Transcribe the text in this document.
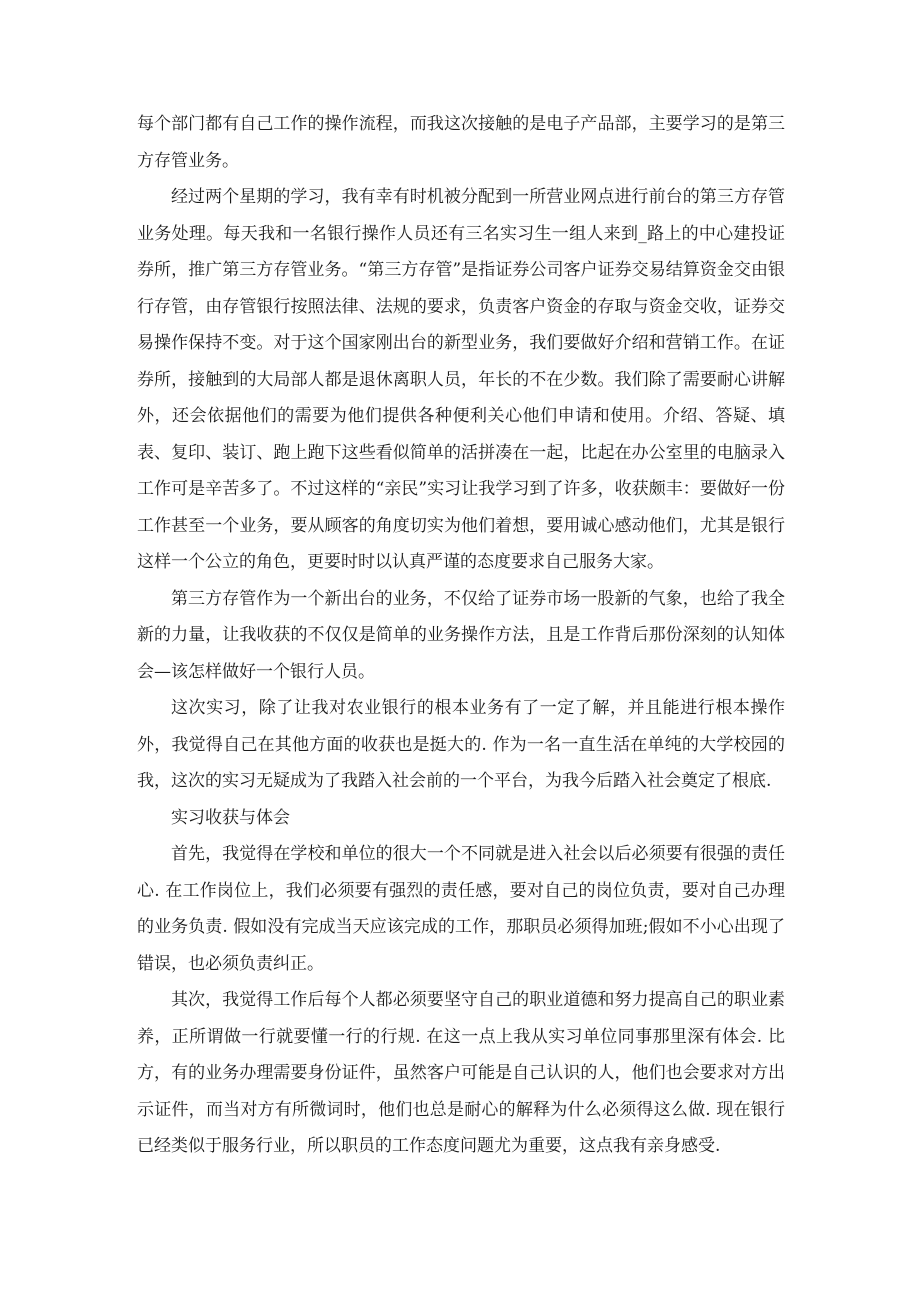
每个部门都有自己工作的操作流程，而我这次接触的是电子产品部，主要学习的是第三方存管业务。

经过两个星期的学习，我有幸有时机被分配到一所营业网点进行前台的第三方存管业务处理。每天我和一名银行操作人员还有三名实习生一组人来到_路上的中心建投证券所，推广第三方存管业务。“第三方存管”是指证券公司客户证券交易结算资金交由银行存管，由存管银行按照法律、法规的要求，负责客户资金的存取与资金交收，证券交易操作保持不变。对于这个国家刚出台的新型业务，我们要做好介绍和营销工作。在证券所，接触到的大局部人都是退休离职人员，年长的不在少数。我们除了需要耐心讲解外，还会依据他们的需要为他们提供各种便利关心他们申请和使用。介绍、答疑、填表、复印、装订、跑上跑下这些看似简单的活拼凑在一起，比起在办公室里的电脑录入工作可是辛苦多了。不过这样的“亲民”实习让我学习到了许多，收获颇丰：要做好一份工作甚至一个业务，要从顾客的角度切实为他们着想，要用诚心感动他们，尤其是银行这样一个公立的角色，更要时时以认真严谨的态度要求自己服务大家。

第三方存管作为一个新出台的业务，不仅给了证券市场一股新的气象，也给了我全新的力量，让我收获的不仅仅是简单的业务操作方法，且是工作背后那份深刻的认知体会—该怎样做好一个银行人员。

这次实习，除了让我对农业银行的根本业务有了一定了解，并且能进行根本操作外，我觉得自己在其他方面的收获也是挺大的. 作为一名一直生活在单纯的大学校园的我，这次的实习无疑成为了我踏入社会前的一个平台，为我今后踏入社会奠定了根底.

实习收获与体会

首先，我觉得在学校和单位的很大一个不同就是进入社会以后必须要有很强的责任心. 在工作岗位上，我们必须要有强烈的责任感，要对自己的岗位负责，要对自己办理的业务负责. 假如没有完成当天应该完成的工作，那职员必须得加班;假如不小心出现了错误，也必须负责纠正。

其次，我觉得工作后每个人都必须要坚守自己的职业道德和努力提高自己的职业素养，正所谓做一行就要懂一行的行规. 在这一点上我从实习单位同事那里深有体会. 比方，有的业务办理需要身份证件，虽然客户可能是自己认识的人，他们也会要求对方出示证件，而当对方有所微词时，他们也总是耐心的解释为什么必须得这么做. 现在银行已经类似于服务行业，所以职员的工作态度问题尤为重要，这点我有亲身感受.
